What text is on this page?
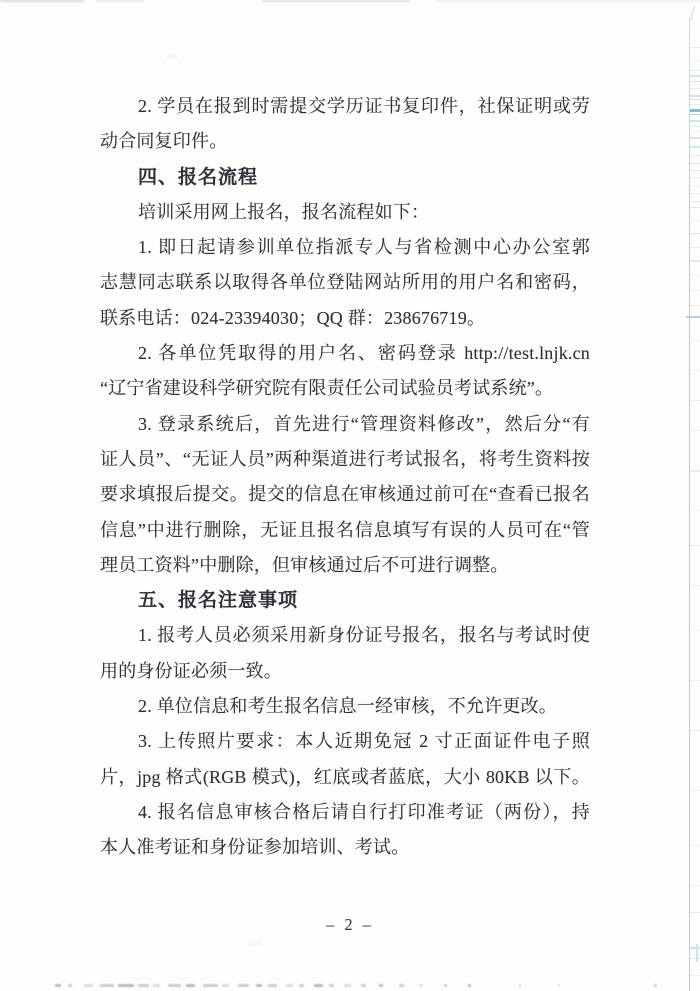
2. 学员在报到时需提交学历证书复印件，社保证明或劳
动合同复印件。
四、报名流程
培训采用网上报名，报名流程如下：
1. 即日起请参训单位指派专人与省检测中心办公室郭
志慧同志联系以取得各单位登陆网站所用的用户名和密码，
联系电话：024-23394030；QQ 群：238676719。
2. 各单位凭取得的用户名、密码登录 http://test.lnjk.cn
“辽宁省建设科学研究院有限责任公司试验员考试系统”。
3. 登录系统后，首先进行“管理资料修改”，然后分“有
证人员”、“无证人员”两种渠道进行考试报名，将考生资料按
要求填报后提交。提交的信息在审核通过前可在“查看已报名
信息”中进行删除，无证且报名信息填写有误的人员可在“管
理员工资料”中删除，但审核通过后不可进行调整。
五、报名注意事项
1. 报考人员必须采用新身份证号报名，报名与考试时使
用的身份证必须一致。
2. 单位信息和考生报名信息一经审核，不允许更改。
3. 上传照片要求：本人近期免冠 2 寸正面证件电子照
片，jpg 格式(RGB 模式)，红底或者蓝底，大小 80KB 以下。
4. 报名信息审核合格后请自行打印准考证（两份），持
本人准考证和身份证参加培训、考试。
– 2 –
